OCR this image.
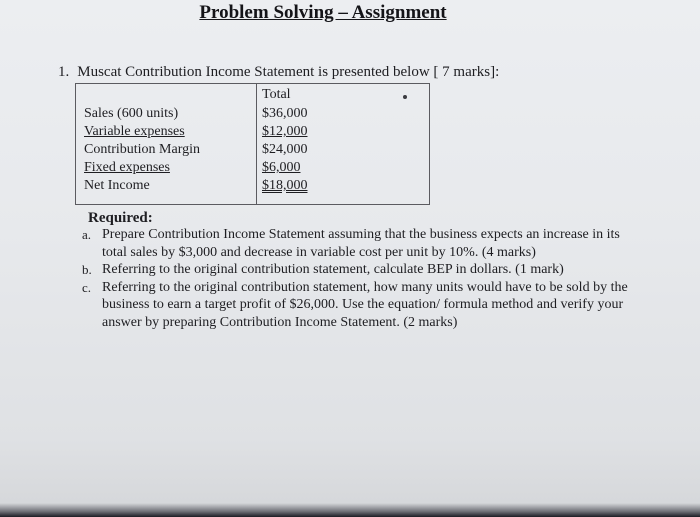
Problem Solving – Assignment
1. Muscat Contribution Income Statement is presented below [ 7 marks]:
Total
Sales (600 units)
Variable expenses
Contribution Margin
Fixed expenses
Net Income
$36,000
$12,000
$24,000
$6,000
$18,000
Required:
a. Prepare Contribution Income Statement assuming that the business expects an increase in its total sales by $3,000 and decrease in variable cost per unit by 10%. (4 marks)
b. Referring to the original contribution statement, calculate BEP in dollars. (1 mark)
c. Referring to the original contribution statement, how many units would have to be sold by the business to earn a target profit of $26,000. Use the equation/ formula method and verify your answer by preparing Contribution Income Statement. (2 marks)
